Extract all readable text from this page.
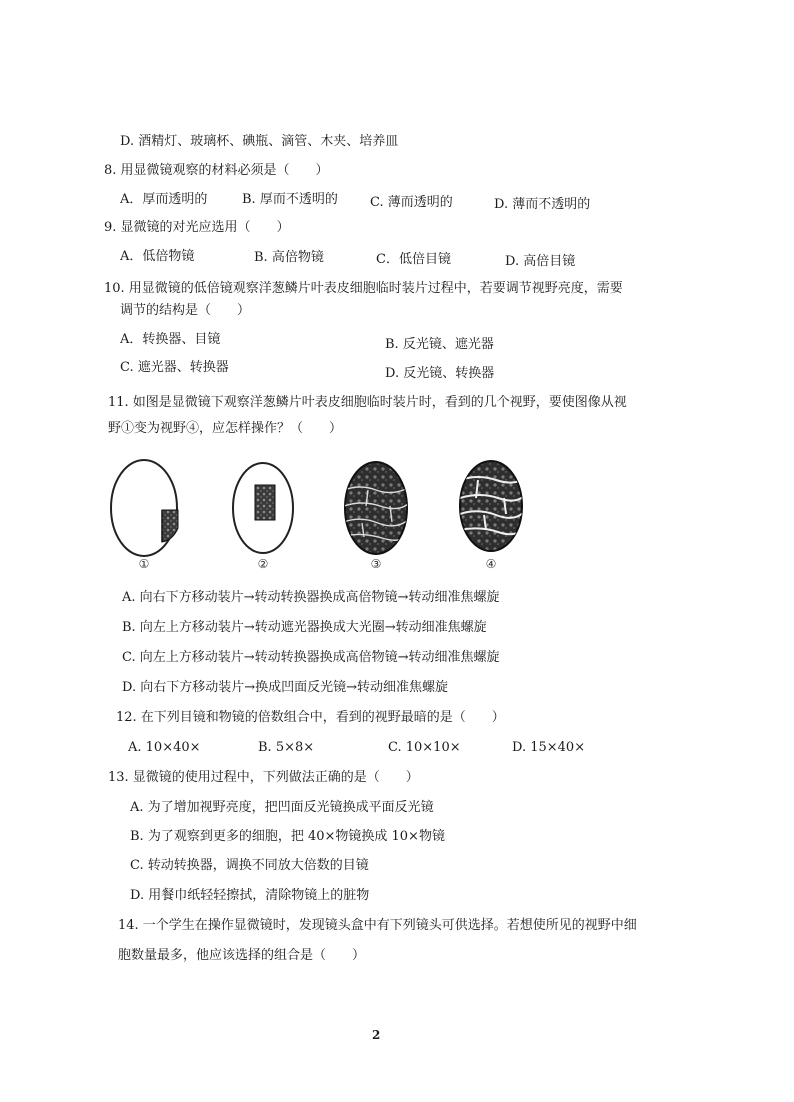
D. 酒精灯、玻璃杯、碘瓶、滴管、木夹、培养皿
8. 用显微镜观察的材料必须是（　　）
A．厚而透明的	B. 厚而不透明的 C. 薄而透明的	D. 薄而不透明的
9. 显微镜的对光应选用（　　）
A．低倍物镜	B. 高倍物镜	C．低倍目镜	D. 高倍目镜
10. 用显微镜的低倍镜观察洋葱鳞片叶表皮细胞临时装片过程中，若要调节视野亮度，需要
调节的结构是（　　）
A．转换器、目镜	B. 反光镜、遮光器
C. 遮光器、转换器	D. 反光镜、转换器
11. 如图是显微镜下观察洋葱鳞片叶表皮细胞临时装片时，看到的几个视野，要使图像从视
野①变为视野④，应怎样操作？（　　）
①	②	③	④
A. 向右下方移动装片→转动转换器换成高倍物镜→转动细准焦螺旋
B. 向左上方移动装片→转动遮光器换成大光圈→转动细准焦螺旋
C. 向左上方移动装片→转动转换器换成高倍物镜→转动细准焦螺旋
D. 向右下方移动装片→换成凹面反光镜→转动细准焦螺旋
12. 在下列目镜和物镜的倍数组合中，看到的视野最暗的是（　　）
A. 10×40×	B. 5×8×	C. 10×10×	D. 15×40×
13. 显微镜的使用过程中，下列做法正确的是（　　）
A. 为了增加视野亮度，把凹面反光镜换成平面反光镜
B. 为了观察到更多的细胞，把 40×物镜换成 10×物镜
C. 转动转换器，调换不同放大倍数的目镜
D. 用餐巾纸轻轻擦拭，清除物镜上的脏物
14. 一个学生在操作显微镜时，发现镜头盒中有下列镜头可供选择。若想使所见的视野中细
胞数量最多，他应该选择的组合是（　　）
2
